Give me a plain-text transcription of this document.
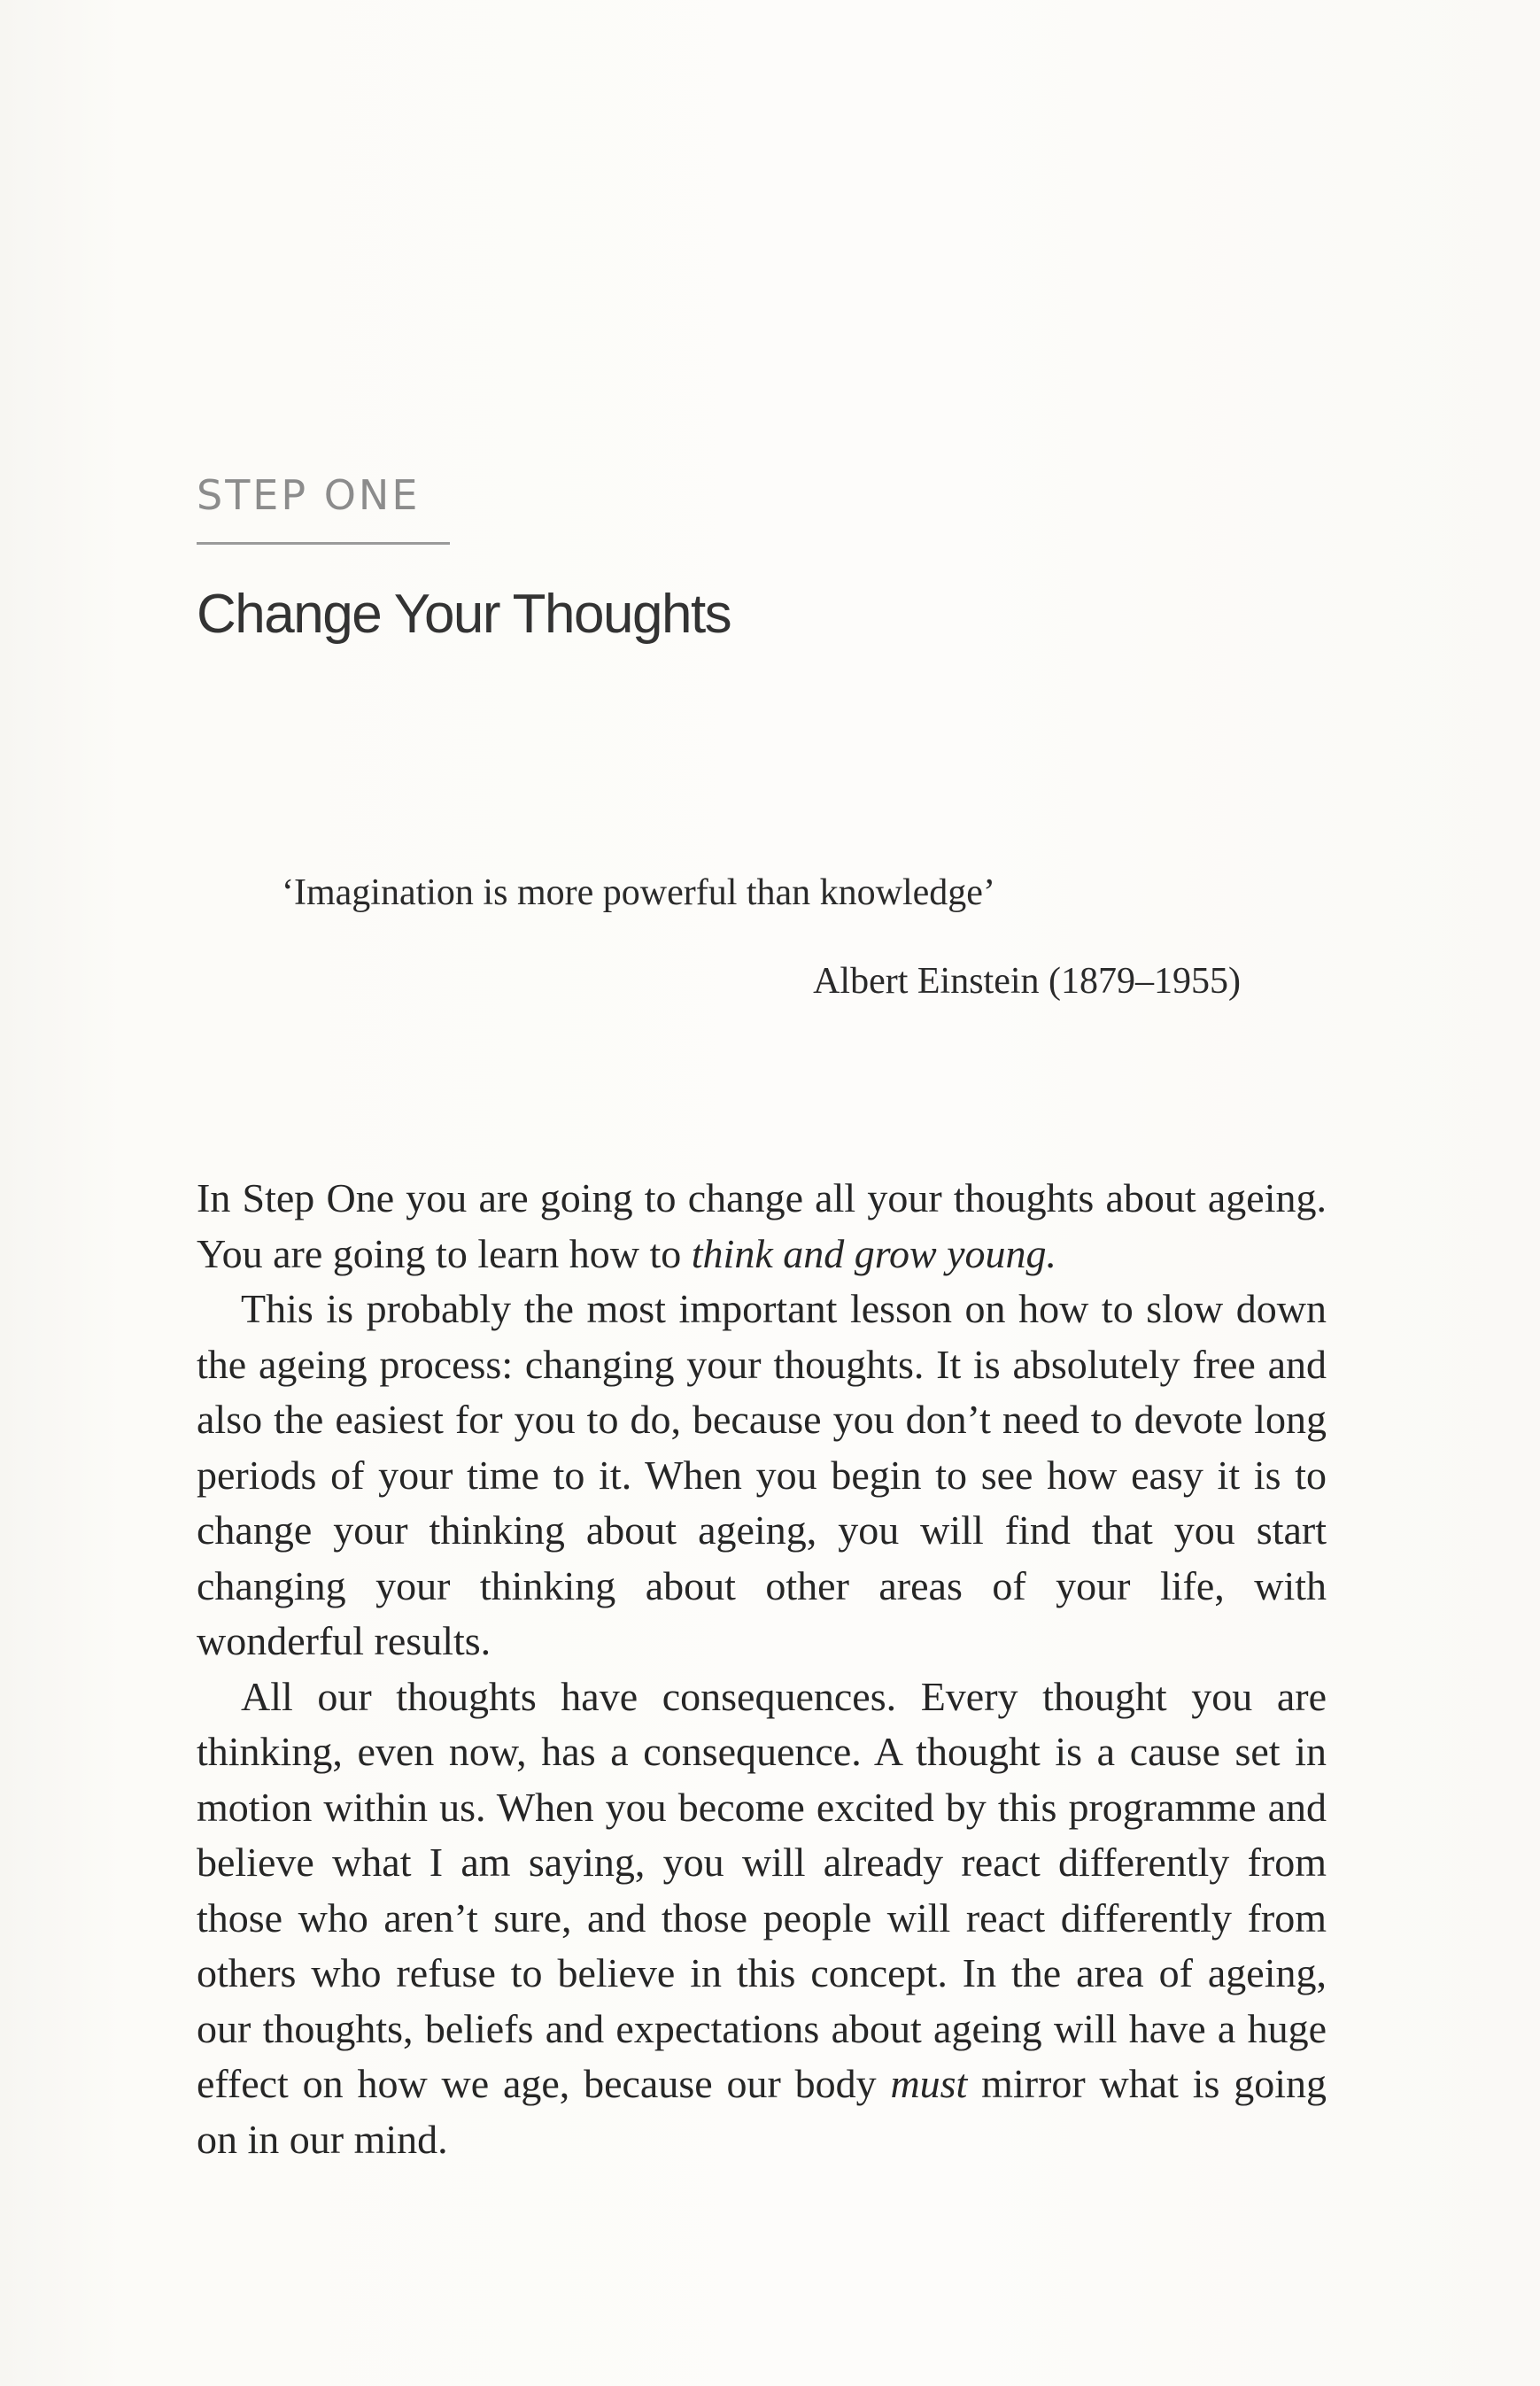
STEP ONE
Change Your Thoughts

‘Imagination is more powerful than knowledge’

Albert Einstein (1879–1955)

In Step One you are going to change all your thoughts about ageing. You are going to learn how to think and grow young.

This is probably the most important lesson on how to slow down the ageing process: changing your thoughts. It is absolutely free and also the easiest for you to do, because you don’t need to devote long periods of your time to it. When you begin to see how easy it is to change your thinking about ageing, you will find that you start changing your thinking about other areas of your life, with wonderful results.

All our thoughts have consequences. Every thought you are thinking, even now, has a consequence. A thought is a cause set in motion within us. When you become excited by this programme and believe what I am saying, you will already react differently from those who aren’t sure, and those people will react differently from others who refuse to believe in this concept. In the area of ageing, our thoughts, beliefs and expectations about ageing will have a huge effect on how we age, because our body must mirror what is going on in our mind.
